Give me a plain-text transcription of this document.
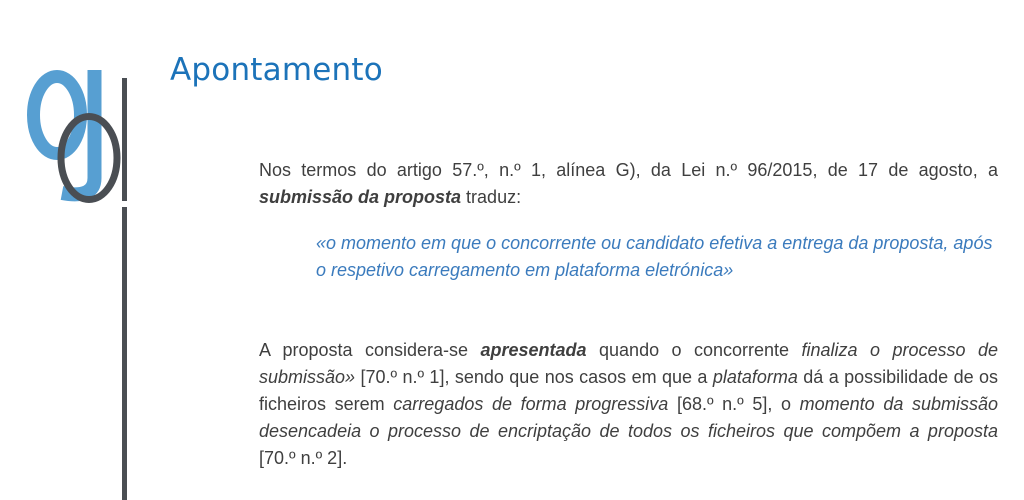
Apontamento

Nos termos do artigo 57.º, n.º 1, alínea G), da Lei n.º 96/2015, de 17 de agosto, a submissão da proposta traduz:

«o momento em que o concorrente ou candidato efetiva a entrega da proposta, após o respetivo carregamento em plataforma eletrónica»

A proposta considera-se apresentada quando o concorrente finaliza o processo de submissão» [70.º n.º 1], sendo que nos casos em que a plataforma dá a possibilidade de os ficheiros serem carregados de forma progressiva [68.º n.º 5], o momento da submissão desencadeia o processo de encriptação de todos os ficheiros que compõem a proposta [70.º n.º 2].
